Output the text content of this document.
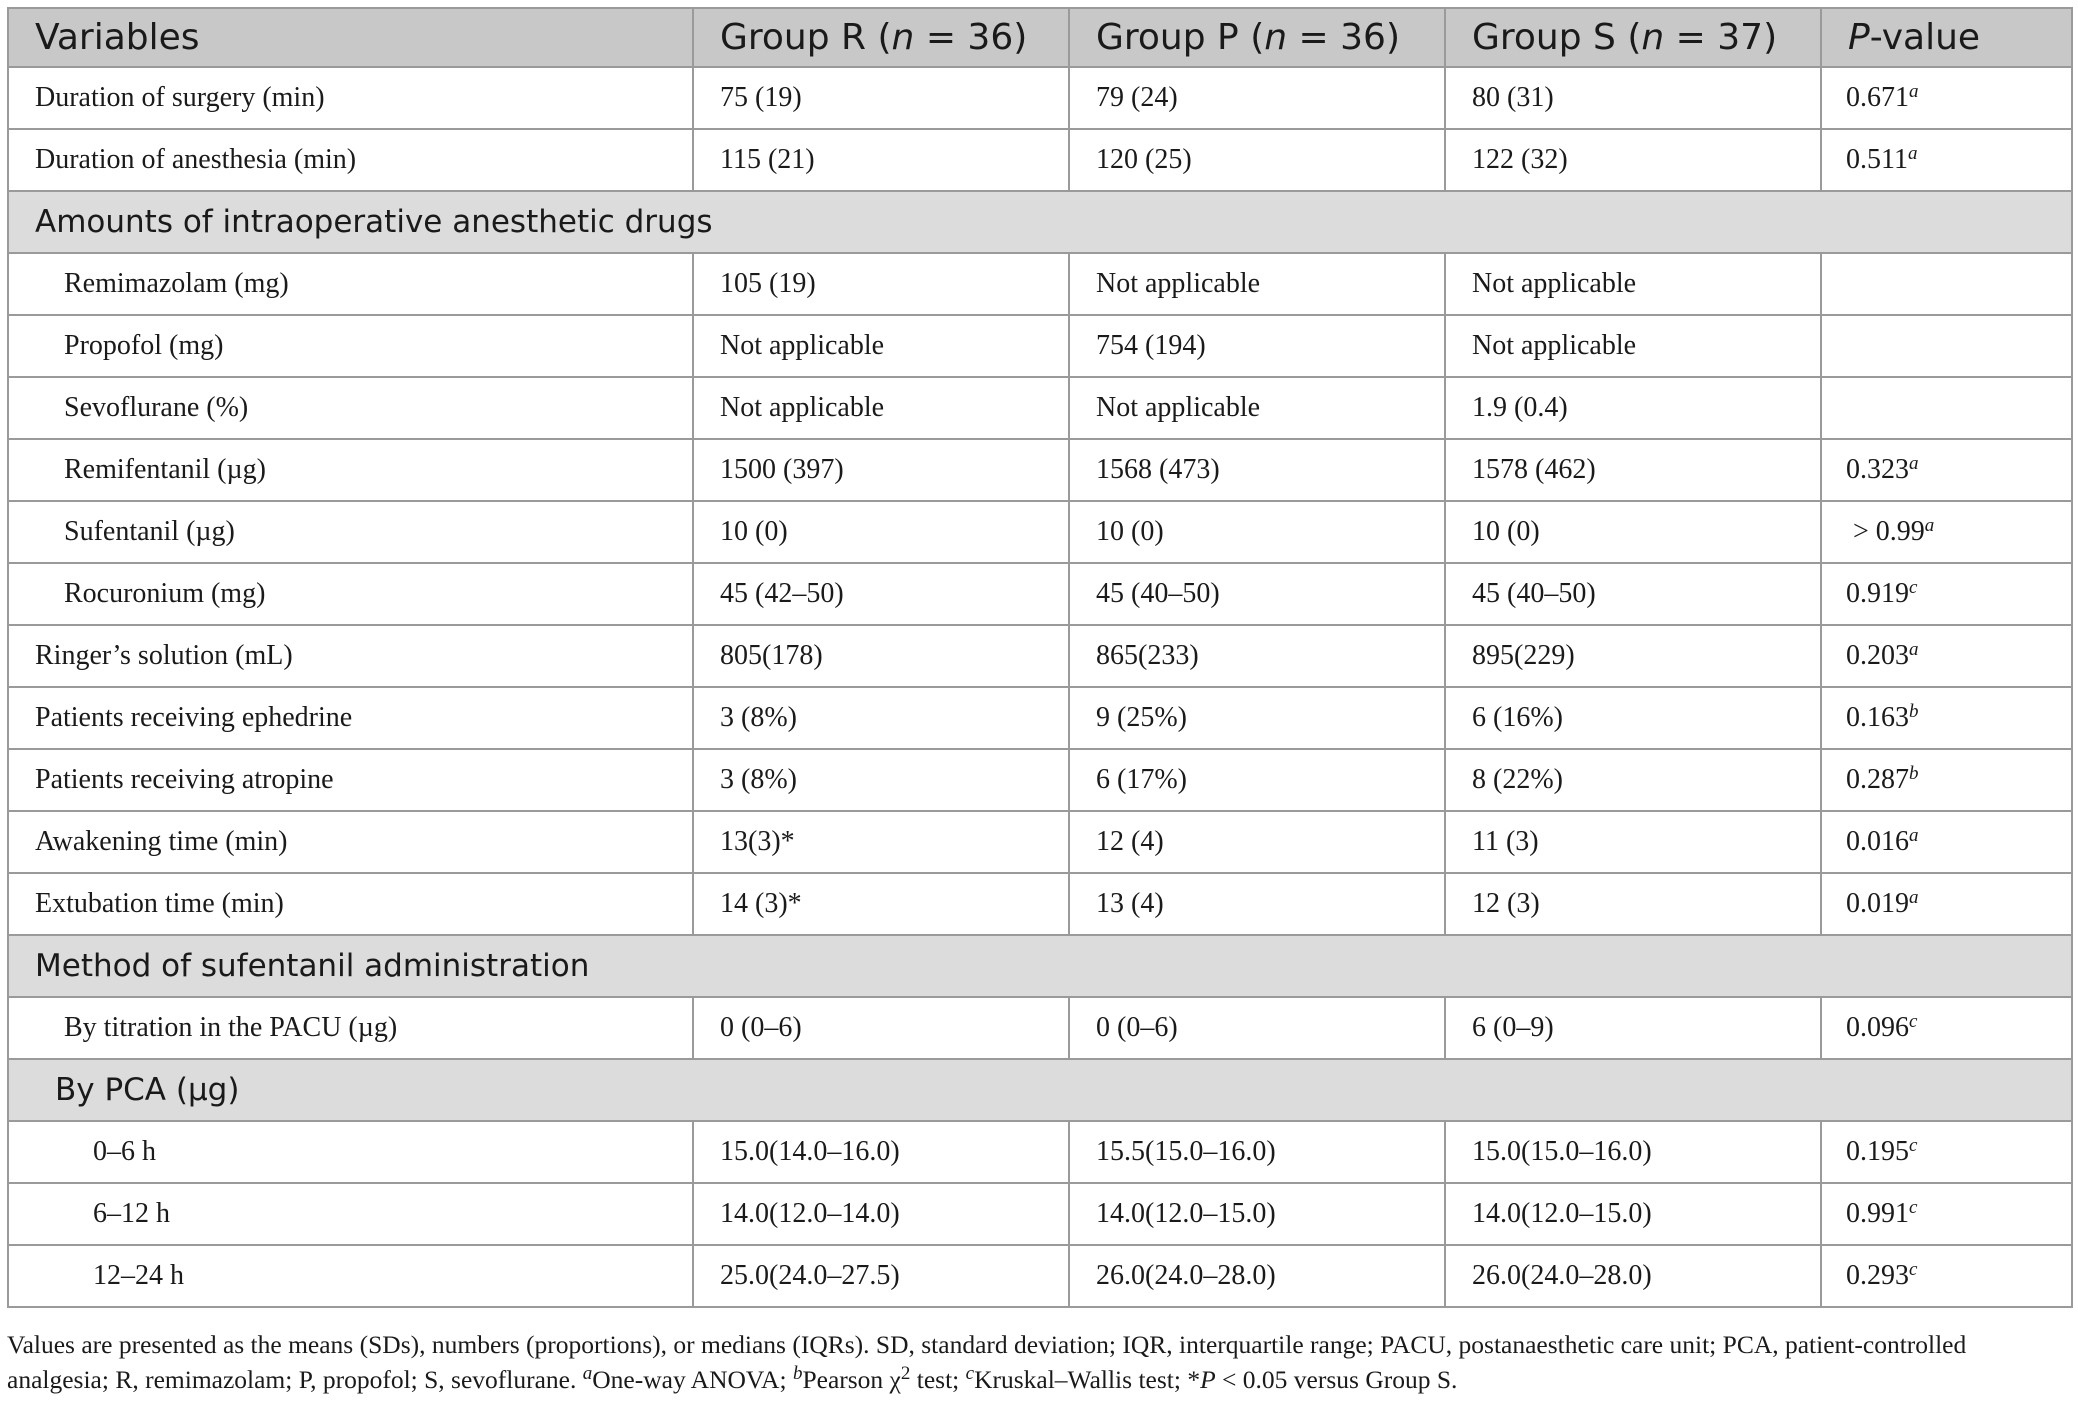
Variables	Group R (n = 36)	Group P (n = 36)	Group S (n = 37)	P-value
Duration of surgery (min)	75 (19)	79 (24)	80 (31)	0.671$^a$
Duration of anesthesia (min)	115 (21)	120 (25)	122 (32)	0.511$^a$
Amounts of intraoperative anesthetic drugs				
Remimazolam (mg)	105 (19)	Not applicable	Not applicable	
Propofol (mg)	Not applicable	754 (194)	Not applicable	
Sevoflurane (%)	Not applicable	Not applicable	1.9 (0.4)	
Remifentanil (µg)	1500 (397)	1568 (473)	1578 (462)	0.323$^a$
Sufentanil (µg)	10 (0)	10 (0)	10 (0)	> 0.99$^a$
Rocuronium (mg)	45 (42–50)	45 (40–50)	45 (40–50)	0.919$^c$
Ringer’s solution (mL)	805(178)	865(233)	895(229)	0.203$^a$
Patients receiving ephedrine	3 (8%)	9 (25%)	6 (16%)	0.163$^b$
Patients receiving atropine	3 (8%)	6 (17%)	8 (22%)	0.287$^b$
Awakening time (min)	13(3)*	12 (4)	11 (3)	0.016$^a$
Extubation time (min)	14 (3)*	13 (4)	12 (3)	0.019$^a$
Method of sufentanil administration				
By titration in the PACU (µg)	0 (0–6)	0 (0–6)	6 (0–9)	0.096$^c$
By PCA (µg)				
0–6 h	15.0(14.0–16.0)	15.5(15.0–16.0)	15.0(15.0–16.0)	0.195$^c$
6–12 h	14.0(12.0–14.0)	14.0(12.0–15.0)	14.0(12.0–15.0)	0.991$^c$
12–24 h	25.0(24.0–27.5)	26.0(24.0–28.0)	26.0(24.0–28.0)	0.293$^c$
Values are presented as the means (SDs), numbers (proportions), or medians (IQRs). SD, standard deviation; IQR, interquartile range; PACU, postanaesthetic care unit; PCA, patient-controlled analgesia; R, remimazolam; P, propofol; S, sevoflurane. $^a$One-way ANOVA; $^b$Pearson $\chi^2$ test; $^c$Kruskal–Wallis test; *P < 0.05 versus Group S.
